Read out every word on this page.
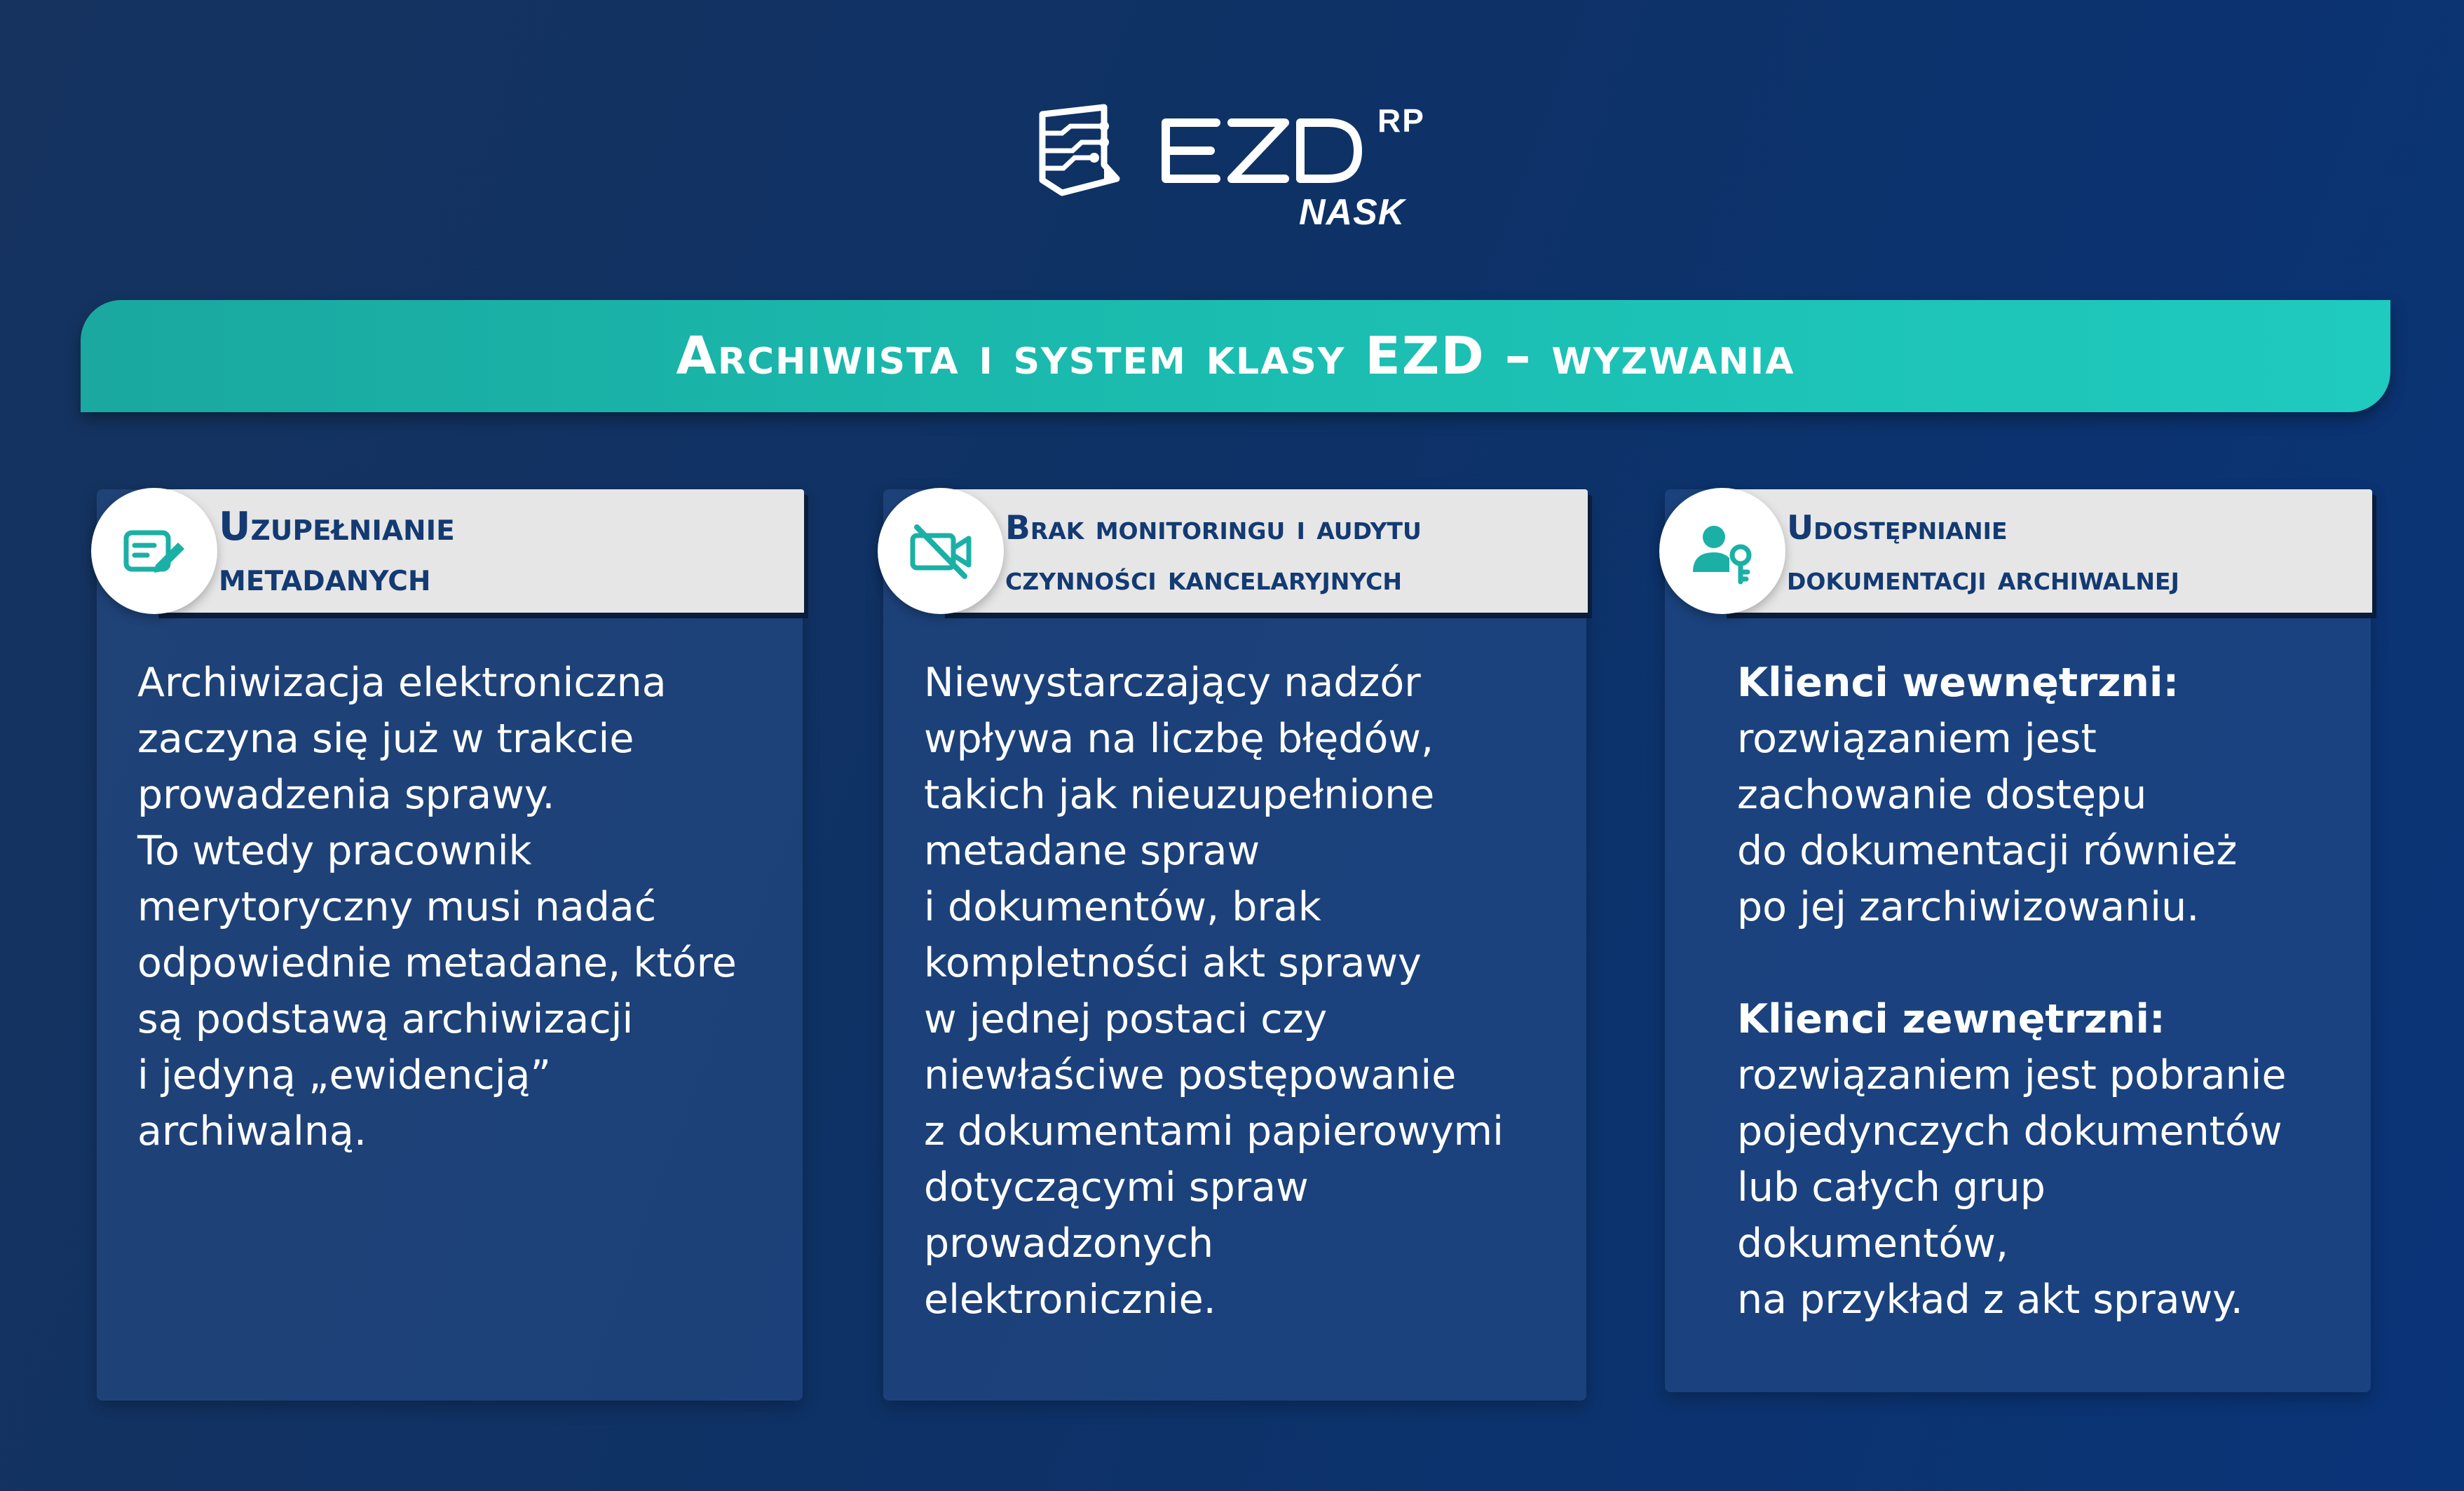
RP
NASK
Archiwista i system klasy EZD – wyzwania
Uzupełnianie
metadanych

Archiwizacja elektroniczna
zaczyna się już w trakcie
prowadzenia sprawy.
To wtedy pracownik
merytoryczny musi nadać
odpowiednie metadane, które
są podstawą archiwizacji
i jedyną „ewidencją”
archiwalną.

Brak monitoringu i audytu
czynności kancelaryjnych

Niewystarczający nadzór
wpływa na liczbę błędów,
takich jak nieuzupełnione
metadane spraw
i dokumentów, brak
kompletności akt sprawy
w jednej postaci czy
niewłaściwe postępowanie
z dokumentami papierowymi
dotyczącymi spraw
prowadzonych
elektronicznie.

Udostępnianie
dokumentacji archiwalnej

Klienci wewnętrzni:

rozwiązaniem jest
zachowanie dostępu
do dokumentacji również
po jej zarchiwizowaniu.

Klienci zewnętrzni:

rozwiązaniem jest pobranie
pojedynczych dokumentów
lub całych grup
dokumentów,
na przykład z akt sprawy.
